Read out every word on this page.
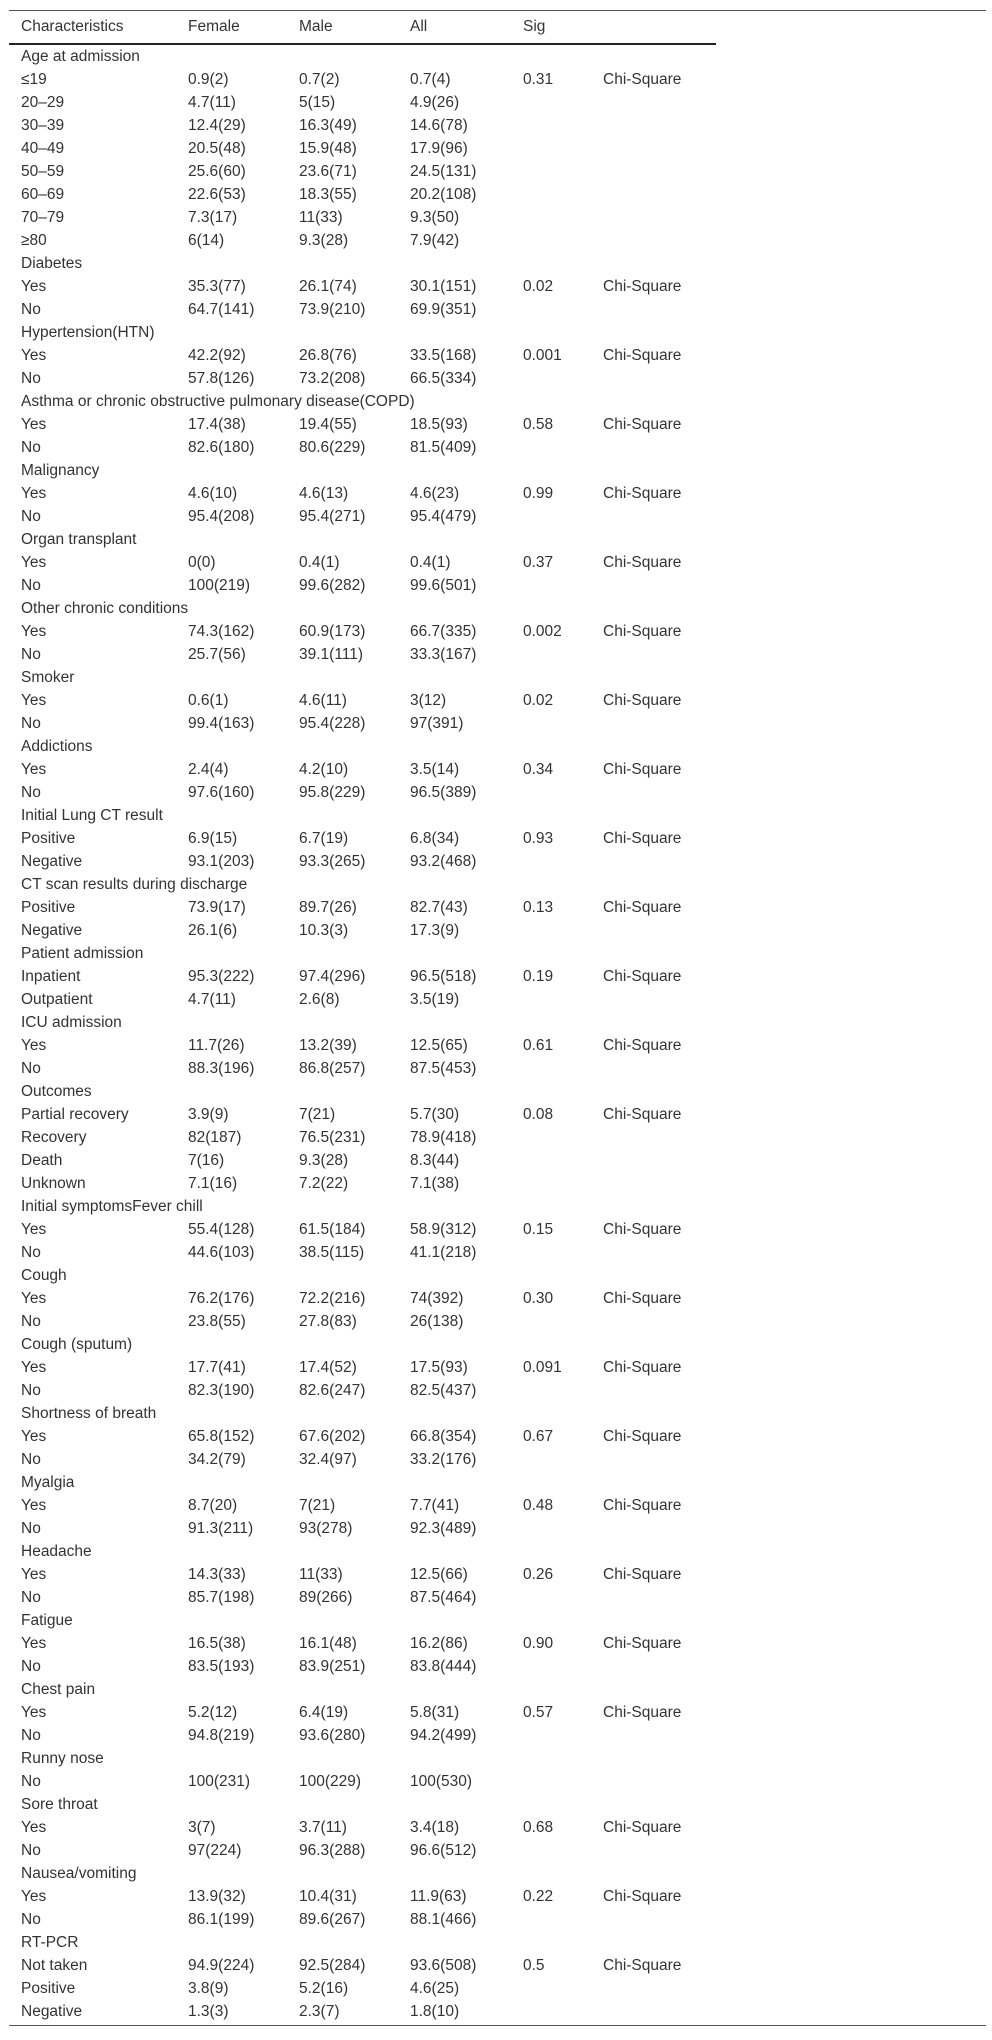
Characteristics	Female	Male	All	Sig
Age at admission
≤19	0.9(2)	0.7(2)	0.7(4)	0.31	Chi-Square
20–29	4.7(11)	5(15)	4.9(26)
30–39	12.4(29)	16.3(49)	14.6(78)
40–49	20.5(48)	15.9(48)	17.9(96)
50–59	25.6(60)	23.6(71)	24.5(131)
60–69	22.6(53)	18.3(55)	20.2(108)
70–79	7.3(17)	11(33)	9.3(50)
≥80	6(14)	9.3(28)	7.9(42)
Diabetes
Yes	35.3(77)	26.1(74)	30.1(151)	0.02	Chi-Square
No	64.7(141)	73.9(210)	69.9(351)
Hypertension(HTN)
Yes	42.2(92)	26.8(76)	33.5(168)	0.001	Chi-Square
No	57.8(126)	73.2(208)	66.5(334)
Asthma or chronic obstructive pulmonary disease(COPD)
Yes	17.4(38)	19.4(55)	18.5(93)	0.58	Chi-Square
No	82.6(180)	80.6(229)	81.5(409)
Malignancy
Yes	4.6(10)	4.6(13)	4.6(23)	0.99	Chi-Square
No	95.4(208)	95.4(271)	95.4(479)
Organ transplant
Yes	0(0)	0.4(1)	0.4(1)	0.37	Chi-Square
No	100(219)	99.6(282)	99.6(501)
Other chronic conditions
Yes	74.3(162)	60.9(173)	66.7(335)	0.002	Chi-Square
No	25.7(56)	39.1(111)	33.3(167)
Smoker
Yes	0.6(1)	4.6(11)	3(12)	0.02	Chi-Square
No	99.4(163)	95.4(228)	97(391)
Addictions
Yes	2.4(4)	4.2(10)	3.5(14)	0.34	Chi-Square
No	97.6(160)	95.8(229)	96.5(389)
Initial Lung CT result
Positive	6.9(15)	6.7(19)	6.8(34)	0.93	Chi-Square
Negative	93.1(203)	93.3(265)	93.2(468)
CT scan results during discharge
Positive	73.9(17)	89.7(26)	82.7(43)	0.13	Chi-Square
Negative	26.1(6)	10.3(3)	17.3(9)
Patient admission
Inpatient	95.3(222)	97.4(296)	96.5(518)	0.19	Chi-Square
Outpatient	4.7(11)	2.6(8)	3.5(19)
ICU admission
Yes	11.7(26)	13.2(39)	12.5(65)	0.61	Chi-Square
No	88.3(196)	86.8(257)	87.5(453)
Outcomes
Partial recovery	3.9(9)	7(21)	5.7(30)	0.08	Chi-Square
Recovery	82(187)	76.5(231)	78.9(418)
Death	7(16)	9.3(28)	8.3(44)
Unknown	7.1(16)	7.2(22)	7.1(38)
Initial symptomsFever chill
Yes	55.4(128)	61.5(184)	58.9(312)	0.15	Chi-Square
No	44.6(103)	38.5(115)	41.1(218)
Cough
Yes	76.2(176)	72.2(216)	74(392)	0.30	Chi-Square
No	23.8(55)	27.8(83)	26(138)
Cough (sputum)
Yes	17.7(41)	17.4(52)	17.5(93)	0.091	Chi-Square
No	82.3(190)	82.6(247)	82.5(437)
Shortness of breath
Yes	65.8(152)	67.6(202)	66.8(354)	0.67	Chi-Square
No	34.2(79)	32.4(97)	33.2(176)
Myalgia
Yes	8.7(20)	7(21)	7.7(41)	0.48	Chi-Square
No	91.3(211)	93(278)	92.3(489)
Headache
Yes	14.3(33)	11(33)	12.5(66)	0.26	Chi-Square
No	85.7(198)	89(266)	87.5(464)
Fatigue
Yes	16.5(38)	16.1(48)	16.2(86)	0.90	Chi-Square
No	83.5(193)	83.9(251)	83.8(444)
Chest pain
Yes	5.2(12)	6.4(19)	5.8(31)	0.57	Chi-Square
No	94.8(219)	93.6(280)	94.2(499)
Runny nose
No	100(231)	100(229)	100(530)
Sore throat
Yes	3(7)	3.7(11)	3.4(18)	0.68	Chi-Square
No	97(224)	96.3(288)	96.6(512)
Nausea/vomiting
Yes	13.9(32)	10.4(31)	11.9(63)	0.22	Chi-Square
No	86.1(199)	89.6(267)	88.1(466)
RT-PCR
Not taken	94.9(224)	92.5(284)	93.6(508)	0.5	Chi-Square
Positive	3.8(9)	5.2(16)	4.6(25)
Negative	1.3(3)	2.3(7)	1.8(10)
